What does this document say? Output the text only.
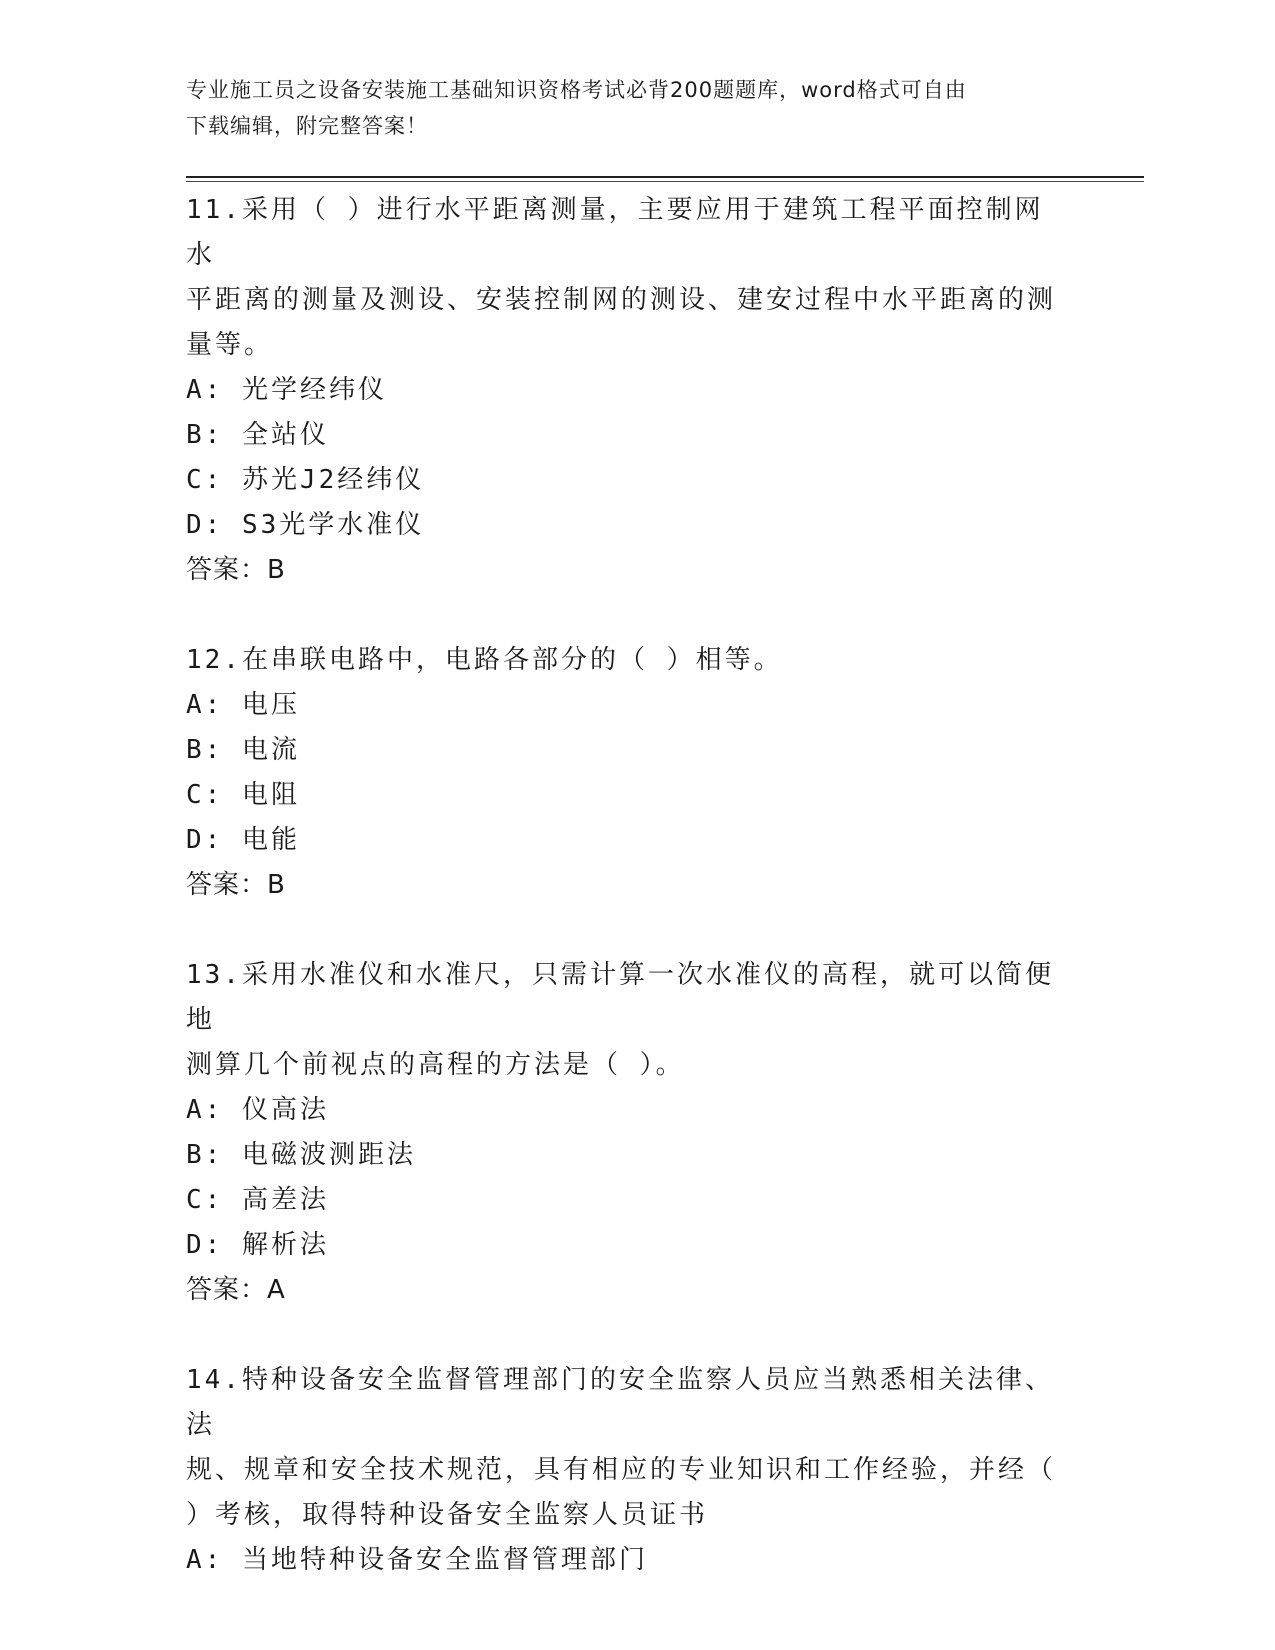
专业施工员之设备安装施工基础知识资格考试必背200题题库，word格式可自由
下载编辑，附完整答案！

11.采用（ ）进行水平距离测量，主要应用于建筑工程平面控制网水

平距离的测量及测设、安装控制网的测设、建安过程中水平距离的测

量等。

A: 光学经纬仪

B: 全站仪

C: 苏光J2经纬仪

D: S3光学水准仪

答案：B

12.在串联电路中，电路各部分的（ ）相等。

A: 电压

B: 电流

C: 电阻

D: 电能

答案：B

13.采用水准仪和水准尺，只需计算一次水准仪的高程，就可以简便地

测算几个前视点的高程的方法是（ ）。

A: 仪高法

B: 电磁波测距法

C: 高差法

D: 解析法

答案：A

14.特种设备安全监督管理部门的安全监察人员应当熟悉相关法律、法

规、规章和安全技术规范，具有相应的专业知识和工作经验，并经（

）考核，取得特种设备安全监察人员证书

A: 当地特种设备安全监督管理部门
